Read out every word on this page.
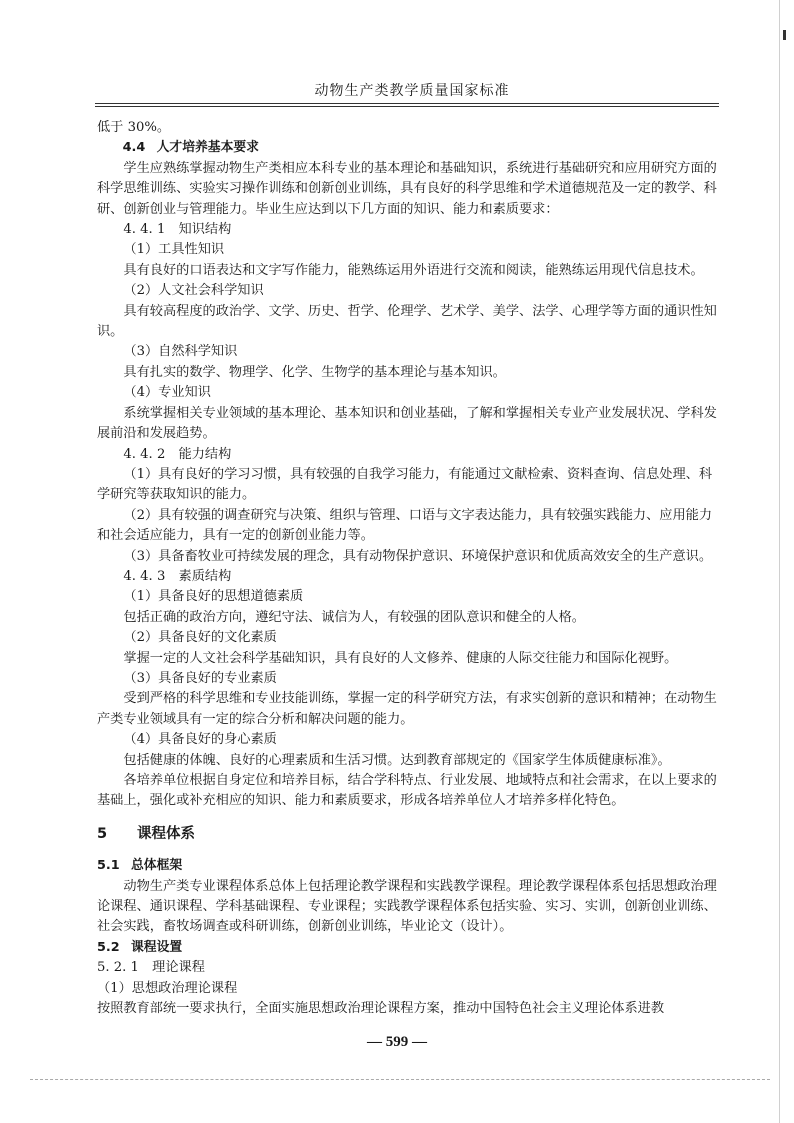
动物生产类教学质量国家标准

低于 30%。

4.4 人才培养基本要求

学生应熟练掌握动物生产类相应本科专业的基本理论和基础知识，系统进行基础研究和应用研究方面的科学思维训练、实验实习操作训练和创新创业训练，具有良好的科学思维和学术道德规范及一定的教学、科研、创新创业与管理能力。毕业生应达到以下几方面的知识、能力和素质要求：

4. 4. 1　知识结构

（1）工具性知识

具有良好的口语表达和文字写作能力，能熟练运用外语进行交流和阅读，能熟练运用现代信息技术。

（2）人文社会科学知识

具有较高程度的政治学、文学、历史、哲学、伦理学、艺术学、美学、法学、心理学等方面的通识性知识。

（3）自然科学知识

具有扎实的数学、物理学、化学、生物学的基本理论与基本知识。

（4）专业知识

系统掌握相关专业领域的基本理论、基本知识和创业基础，了解和掌握相关专业产业发展状况、学科发展前沿和发展趋势。

4. 4. 2　能力结构

（1）具有良好的学习习惯，具有较强的自我学习能力，有能通过文献检索、资料查询、信息处理、科学研究等获取知识的能力。

（2）具有较强的调查研究与决策、组织与管理、口语与文字表达能力，具有较强实践能力、应用能力和社会适应能力，具有一定的创新创业能力等。

（3）具备畜牧业可持续发展的理念，具有动物保护意识、环境保护意识和优质高效安全的生产意识。

4. 4. 3　素质结构

（1）具备良好的思想道德素质

包括正确的政治方向，遵纪守法、诚信为人，有较强的团队意识和健全的人格。

（2）具备良好的文化素质

掌握一定的人文社会科学基础知识，具有良好的人文修养、健康的人际交往能力和国际化视野。

（3）具备良好的专业素质

受到严格的科学思维和专业技能训练，掌握一定的科学研究方法，有求实创新的意识和精神；在动物生产类专业领域具有一定的综合分析和解决问题的能力。

（4）具备良好的身心素质

包括健康的体魄、良好的心理素质和生活习惯。达到教育部规定的《国家学生体质健康标准》。

各培养单位根据自身定位和培养目标，结合学科特点、行业发展、地域特点和社会需求，在以上要求的基础上，强化或补充相应的知识、能力和素质要求，形成各培养单位人才培养多样化特色。

5 课程体系

5.1 总体框架

动物生产类专业课程体系总体上包括理论教学课程和实践教学课程。理论教学课程体系包括思想政治理论课程、通识课程、学科基础课程、专业课程；实践教学课程体系包括实验、实习、实训，创新创业训练、社会实践，畜牧场调查或科研训练，创新创业训练，毕业论文（设计）。

5.2 课程设置

5. 2. 1　理论课程

（1）思想政治理论课程

按照教育部统一要求执行，全面实施思想政治理论课程方案，推动中国特色社会主义理论体系进教

— 599 —
